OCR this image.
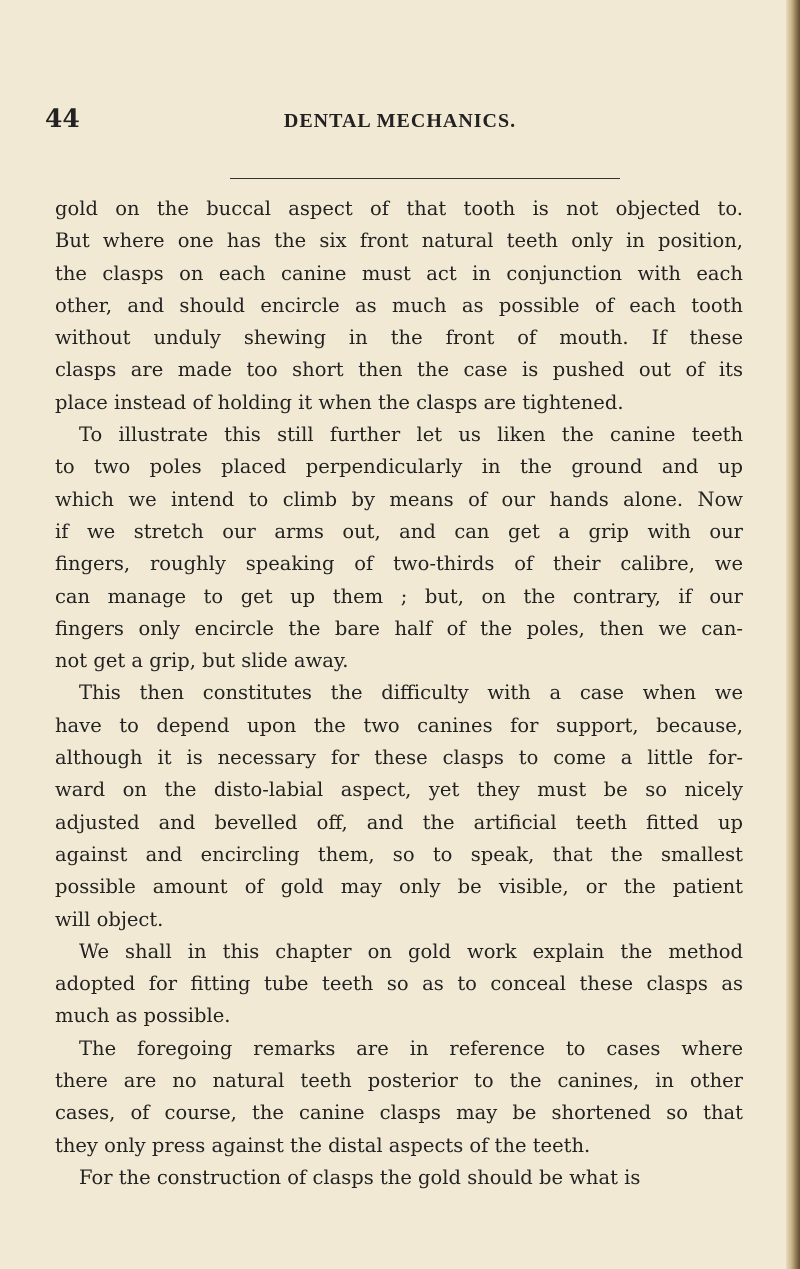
44	DENTAL MECHANICS.
gold on the buccal aspect of that tooth is not objected to.
But where one has the six front natural teeth only in position,
the clasps on each canine must act in conjunction with each
other, and should encircle as much as possible of each tooth
without unduly shewing in the front of mouth. If these
clasps are made too short then the case is pushed out of its
place instead of holding it when the clasps are tightened.
To illustrate this still further let us liken the canine teeth
to two poles placed perpendicularly in the ground and up
which we intend to climb by means of our hands alone. Now
if we stretch our arms out, and can get a grip with our
fingers, roughly speaking of two-thirds of their calibre, we
can manage to get up them ; but, on the contrary, if our
fingers only encircle the bare half of the poles, then we can-
not get a grip, but slide away.
This then constitutes the difficulty with a case when we
have to depend upon the two canines for support, because,
although it is necessary for these clasps to come a little for-
ward on the disto-labial aspect, yet they must be so nicely
adjusted and bevelled off, and the artificial teeth fitted up
against and encircling them, so to speak, that the smallest
possible amount of gold may only be visible, or the patient
will object.
We shall in this chapter on gold work explain the method
adopted for fitting tube teeth so as to conceal these clasps as
much as possible.
The foregoing remarks are in reference to cases where
there are no natural teeth posterior to the canines, in other
cases, of course, the canine clasps may be shortened so that
they only press against the distal aspects of the teeth.
For the construction of clasps the gold should be what is
